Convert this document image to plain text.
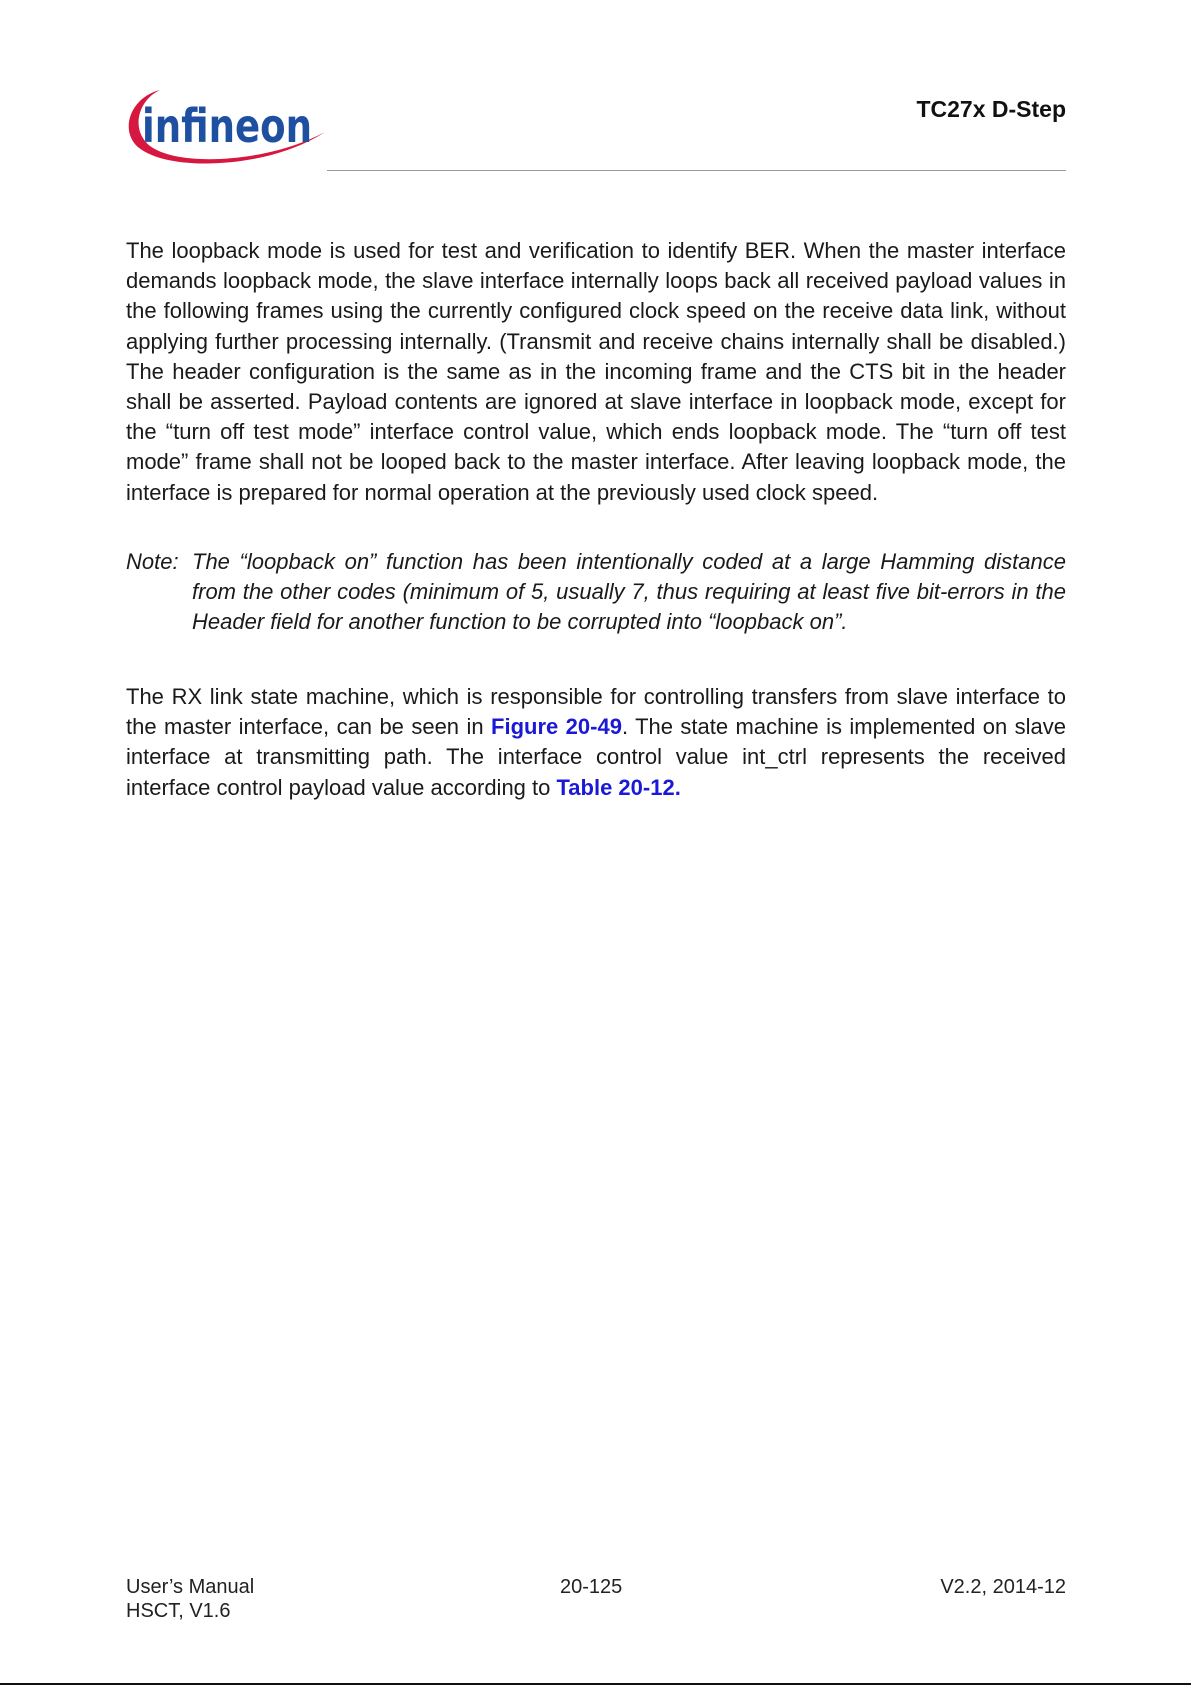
infineon	TC27x D-Step

The loopback mode is used for test and verification to identify BER. When the master interface demands loopback mode, the slave interface internally loops back all received payload values in the following frames using the currently configured clock speed on the receive data link, without applying further processing internally. (Transmit and receive chains internally shall be disabled.) The header configuration is the same as in the incoming frame and the CTS bit in the header shall be asserted. Payload contents are ignored at slave interface in loopback mode, except for the “turn off test mode” interface control value, which ends loopback mode. The “turn off test mode” frame shall not be looped back to the master interface. After leaving loopback mode, the interface is prepared for normal operation at the previously used clock speed.

Note: The “loopback on” function has been intentionally coded at a large Hamming distance from the other codes (minimum of 5, usually 7, thus requiring at least five bit-errors in the Header field for another function to be corrupted into “loopback on”.

The RX link state machine, which is responsible for controlling transfers from slave interface to the master interface, can be seen in Figure 20-49. The state machine is implemented on slave interface at transmitting path. The interface control value int_ctrl represents the received interface control payload value according to Table 20-12.

User’s Manual
HSCT, V1.6
20-125	V2.2, 2014-12
